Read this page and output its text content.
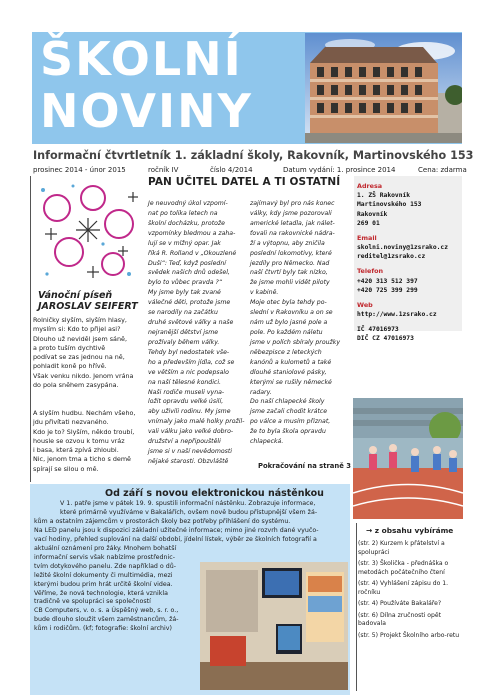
ŠKOLNÍ
NOVINY
Informační čtvrtletník 1. základní školy, Rakovník, Martinovského 153
prosinec 2014 - únor 2015	ročník IV	číslo 4/2014	Datum vydání: 1. prosince 2014	Cena: zdarma
Vánoční píseň
JAROSLAV SEIFERT
Rolničky slyším, slyším hlasy,
myslím si: Kdo to přijel asi?
Dlouho už neviděl jsem sáně,
a proto tuším dychtivě
podívat se zas jednou na ně,
pohladit koně po hřívě.
Však venku nikdo. Jenom vrána
do pola sněhem zasypána.
A slyším hudbu. Nechám všeho,
jdu přivítati nezvaného.
Kdo je to? Slyším, někdo troubí,
housle se ozvou k tomu vráz
i basa, která zpívá zhloubi.
Nic, jenom tma a ticho s demě
spírají se silou o mě.
PAN UČITEL DATEL A TI OSTATNÍ
Je neuvodný úkol vzpomí-
nat po tolika letech na
školní docházku, protože
vzpomínky bledmou a zaha-
lují se v mlžný opar. Jak
říká R. Rolland v „Okouzlené
Duši“: Teď, když poslední
svědek našich dnů odešel,
bylo to vůbec pravda ?“
My jsme byly tak zvané
válečné děti, protože jsme
se narodily na začátku
druhé světové války a naše
nejranější dětství jsme
prožívaly během války.
Tehdy byl nedostatek vše-
ho a především jídla, což se
ve větším a nic podepsalo
na naší tělesné kondici.
Naši rodiče museli vyna-
ložit opravdu velké úsilí,
aby uživili rodinu. My jsme
vnímaly jako malé holky prožil-
vali válku jako velké dobro-
družství a nepřipouštěli
jsme si v naší nevědomosti
nějaké starosti. Obzvláště
zajímavý byl pro nás konec
války, kdy jsme pozorovali
americké letadla, jak nálet-
ťovali na rakovnické nádra-
ží a výtopnu, aby zničila
poslední lokomotivy, které
jezdily pro Německo. Nad
naší čtvrtí byly tak nízko,
že jsme mohli vidět piloty
v kabině.
Moje otec byla tehdy po-
slední v Rakovníku a on se
nám už bylo jasné pole a
pole. Po každém náletu
jsme v polích sbíraly proužky
něbezpisce z leteckých
kanónů a kulometů a také
dlouhé staniolové pásky,
kterými se rušily německé
radary.
Do naší chlapecké školy
jsme začali chodit krátce
po válce a musím přiznat,
že to byla škola opravdu
chlapecká.
Pokračování na straně 3
Adresa
1. ZŠ Rakovník
Martinovského 153
Rakovník
269 01
Email
skolni.noviny@1zsrako.cz
reditel@1zsrako.cz
Telefon
+420 313 512 397
+420 725 399 299
Web
http://www.1zsrako.cz
IČ 47016973
DIČ CZ 47016973
Od září s novou elektronickou nástěnkou
V 1. patře jsme v pátek 19. 9. spustili informační nástěnku. Zobrazuje informace,
které primárně využíváme v Bakalářích, ovšem nově budou přístupnější všem žá-
kům a ostatním zájemcům v prostorách školy bez potřeby přihlášení do systému.
Na LED panelu jsou k dispozici základní užitečné informace; mimo jiné rozvrh dané vyučo-
vací hodiny, přehled suplování na další období, jídelní lístek, výběr ze školních fotografií a
aktuální oznámení pro žáky. Mnohem bohatší
informační servis však nabízíme prostřednic-
tvím dotykového panelu. Zde například o dů-
ležité školní dokumenty či multimédia, mezi
kterými budou prim hrát určitě školní videa.
Věříme, že nová technologie, která vznikla
tradičně ve spolupráci se společností
CB Computers, v. o. s. a Úspěšný web, s. r. o.,
bude dlouho sloužit všem zaměstnancům, žá-
kům i rodičům. (kf; fotografie: školní archiv)
→ z obsahu vybíráme
(str. 2) Kurzem k přátelství a spolupráci
(str. 3) Školička - přednáška o metodách počátečního čtení
(str. 4) Vyhlášení zápisu do 1. ročníku
(str. 4) Používáte Bakaláře?
(str. 6) Dílna zručnosti opět badovala
(str. 5) Projekt Školního arbo-retu
